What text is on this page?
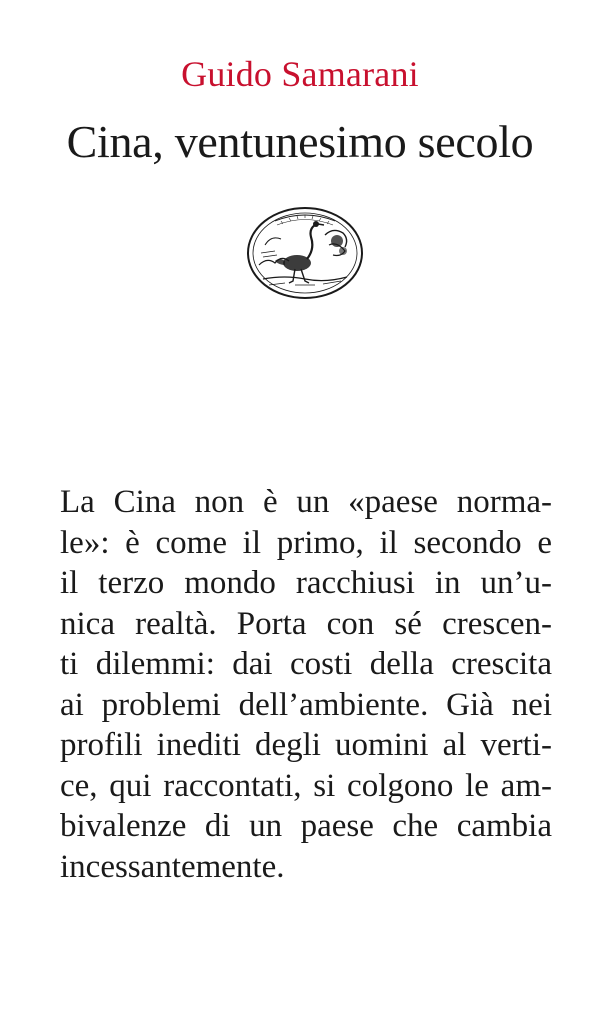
Guido Samarani
Cina, ventunesimo secolo
La Cina non è un «paese norma-
le»: è come il primo, il secondo e
il terzo mondo racchiusi in un’u-
nica realtà. Porta con sé crescen-
ti dilemmi: dai costi della crescita
ai problemi dell’ambiente. Già nei
profili inediti degli uomini al verti-
ce, qui raccontati, si colgono le am-
bivalenze di un paese che cambia
incessantemente.
